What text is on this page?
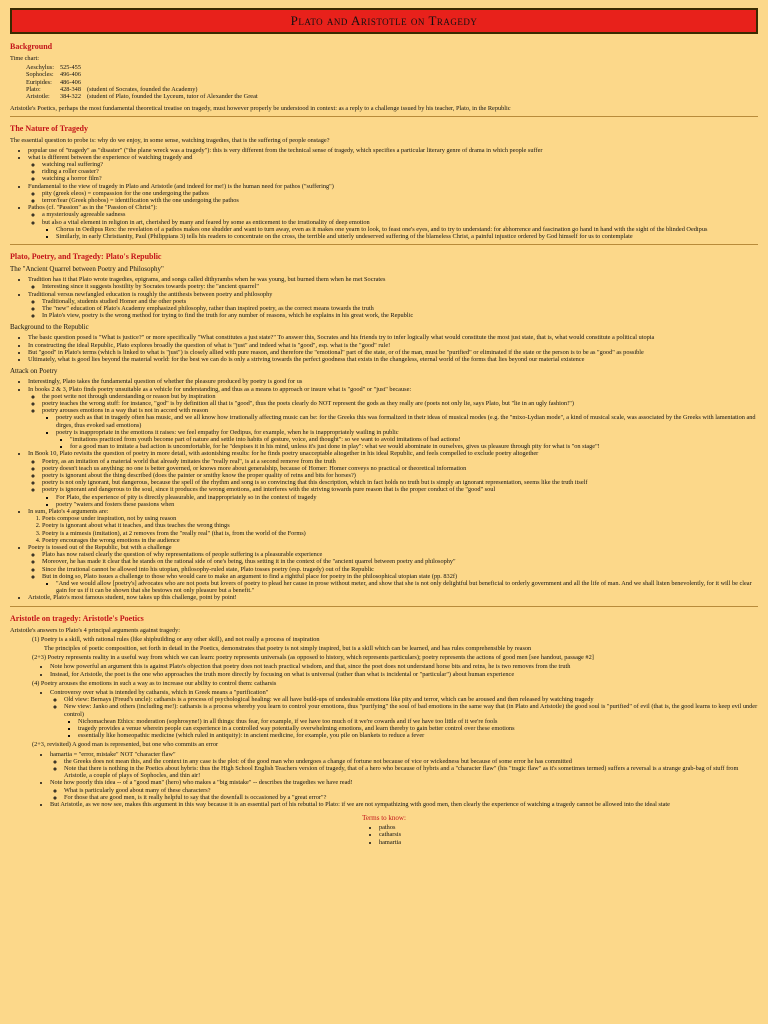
Plato and Aristotle on Tragedy
Background

Time chart:

Aeschylus:	525-455	
Sophocles:	496-406	
Euripides:	486-406	
Plato:	428-348	(student of Socrates, founded the Academy)
Aristotle:	384-322	(student of Plato, founded the Lyceum, tutor of Alexander the Great

Aristotle's Poetics, perhaps the most fundamental theoretical treatise on tragedy, must however properly be understood in context: as a reply to a challenge issued by his teacher, Plato, in the Republic

The Nature of Tragedy

The essential question to probe is: why do we enjoy, in some sense, watching tragedies, that is the suffering of people onstage?

• popular use of "tragedy" as "disaster" ("the plane wreck was a tragedy"): this is very different from the technical sense of tragedy, which specifies a particular literary genre of drama in which people suffer
• what is different between the experience of watching tragedy and
◦ watching real suffering?
◦ riding a roller coaster?
◦ watching a horror film?
• Fundamental to the view of tragedy in Plato and Aristotle (and indeed for me!) is the human need for pathos ("suffering")
◦ pity (greek eleos) = compassion for the one undergoing the pathos
◦ terror/fear (Greek phobos) = identification with the one undergoing the pathos
• Pathos (cf. "Passion" as in the "Passion of Christ"):
◦ a mysteriously agreeable sadness
◦ but also a vital element in religion in art, cherished by many and feared by some as enticement to the irrationality of deep emotion
▪ Chorus in Oedipus Rex: the revelation of a pathos makes one shudder and want to turn away, even as it makes one yearn to look, to feast one's eyes, and to try to understand: for abhorrence and fascination go hand in hand with the sight of the blinded Oedipus
▪ Similarly, in early Christianity, Paul (Philippians 3) tells his readers to concentrate on the cross, the terrible and utterly undeserved suffering of the blameless Christ, a painful injustice ordered by God himself for us to contemplate
Plato, Poetry, and Tragedy: Plato's Republic
The "Ancient Quarrel between Poetry and Philosophy"
• Tradition has it that Plato wrote tragedies, epigrams, and songs called dithyrambs when he was young, but burned them when he met Socrates
◦ Interesting since it suggests hostility by Socrates towards poetry: the "ancient quarrel"
• Traditional versus newfangled education is roughly the antithesis between poetry and philosophy
◦ Traditionally, students studied Homer and the other poets
◦ The "new" education of Plato's Academy emphasized philosophy, rather than inspired poetry, as the correct means towards the truth
◦ In Plato's view, poetry is the wrong method for trying to find the truth for any number of reasons, which he explains in his great work, the Republic
Background to the Republic
• The basic question posed is "What is justice?" or more specifically "What constitutes a just state?" To answer this, Socrates and his friends try to infer logically what would constitute the most just state, that is, what would constitute a political utopia
• In constructing the ideal Republic, Plato explores broadly the question of what is "just" and indeed what is "good", esp. what is the "good" rule!
• But "good" in Plato's terms (which is linked to what is "just") is closely allied with pure reason, and therefore the "emotional" part of the state, or of the man, must be "purified" or eliminated if the state or the person is to be as "good" as possible
• Ultimately, what is good lies beyond the material world: for the best we can do is only a striving towards the perfect goodness that exists in the changeless, eternal world of the forms that lies beyond our material existence
Attack on Poetry
• Interestingly, Plato takes the fundamental question of whether the pleasure produced by poetry is good for us
• In books 2 & 3, Plato finds poetry unsuitable as a vehicle for understanding, and thus as a means to approach or insure what is "good" or "just" because:
◦ the poet write not through understanding or reason but by inspiration
◦ poetry teaches the wrong stuff: for instance, "god" is by definition all that is "good", thus the poets clearly do NOT represent the gods as they really are (poets not only lie, says Plato, but "lie in an ugly fashion!")
◦ poetry arouses emotions in a way that is not in accord with reason
▪ poetry such as that in tragedy often has music, and we all know how irrationally affecting music can be: for the Greeks this was formalized in their ideas of musical modes (e.g. the "mixo-Lydian mode", a kind of musical scale, was associated by the Greeks with lamentation and dirges, thus evoked sad emotions)
▪ poetry is inappropriate in the emotions it raises: we feel empathy for Oedipus, for example, when he is inappropriately wailing in public
▪ "imitations practiced from youth become part of nature and settle into habits of gesture, voice, and thought": so we want to avoid imitations of bad actions!
▪ for a good man to imitate a bad action is uncomfortable, for he "despises it in his mind, unless it's just done in play": what we would abominate in ourselves, gives us pleasure through pity for what is "on stage"!
• In Book 10, Plato revisits the question of poetry in more detail, with astonishing results: for he finds poetry unacceptable altogether in his ideal Republic, and feels compelled to exclude poetry altogether
◦ Poetry, as an imitation of a material world that already imitates the "really real", is at a second remove from the truth
◦ poetry doesn't teach us anything: no one is better governed, or knows more about generalship, because of Homer: Homer conveys no practical or theoretical information
◦ poetry is ignorant about the thing described (does the painter or smithy know the proper quality of reins and bits for horses?)
◦ poetry is not only ignorant, but dangerous, because the spell of the rhythm and song is so convincing that this description, which in fact holds no truth but is simply an ignorant representation, seems like the truth itself
◦ poetry is ignorant and dangerous to the soul, since it produces the wrong emotions, and interferes with the striving towards pure reason that is the proper conduct of the "good" soul
▪ For Plato, the experience of pity is directly pleasurable, and inappropriately so in the context of tragedy
▪ poetry "waters and fosters these passions when
• In sum, Plato's 4 arguments are:
1. Poets compose under inspiration, not by using reason
2. Poetry is ignorant about what it teaches, and thus teaches the wrong things
3. Poetry is a mimesis (imitation), at 2 removes from the "really real" (that is, from the world of the Forms)
4. Poetry encourages the wrong emotions in the audience
• Poetry is tossed out of the Republic, but with a challenge
◦ Plato has now raised clearly the question of why representations of people suffering is a pleasurable experience
◦ Moreover, he has made it clear that he stands on the rational side of one's being, thus setting it in the context of the "ancient quarrel between poetry and philosophy"
◦ Since the irrational cannot be allowed into his utopian, philosophy-ruled state, Plato tosses poetry (esp. tragedy) out of the Republic
◦ But in doing so, Plato issues a challenge to those who would care to make an argument to find a rightful place for poetry in the philosophical utopian state (pp. 832f)
▪ "And we would allow [poetry's] advocates who are not poets but lovers of poetry to plead her cause in prose without meter, and show that she is not only delightful but beneficial to orderly government and all the life of man. And we shall listen benevolently, for it will be clear gain for us if it can be shown that she bestows not only pleasure but a benefit."
• Aristotle, Plato's most famous student, now takes up this challenge, point by point!
Aristotle on tragedy: Aristotle's Poetics

Aristotle's answers to Plato's 4 principal arguments against tragedy:

(1) Poetry is a skill, with rational rules (like shipbuilding or any other skill), and not really a process of inspiration

The principles of poetic composition, set forth in detail in the Poetics, demonstrates that poetry is not simply inspired, but is a skill which can be learned, and has rules comprehensible by reason

(2+3) Poetry represents reality in a useful way from which we can learn: poetry represents universals (as opposed to history, which represents particulars); poetry represents the actions of good men [see handout, passage #2]

• Note how powerful an argument this is against Plato's objection that poetry does not teach practical wisdom, and that, since the poet does not understand horse bits and reins, he is two removes from the truth
• Instead, for Aristotle, the poet is the one who approaches the truth more directly by focusing on what is universal (rather than what is incidental or "particular") about human experience

(4) Poetry arouses the emotions in such a way as to increase our ability to control them: catharsis

• Controversy over what is intended by catharsis, which in Greek means a "purification"
◦ Old view: Bernays (Freud's uncle): catharsis is a process of psychological healing: we all have build-ups of undesirable emotions like pity and terror, which can be aroused and then released by watching tragedy
◦ New view: Janko and others (including me!): catharsis is a process whereby you learn to control your emotions, thus "purifying" the soul of bad emotions in the same way that (in Plato and Aristotle) the good soul is "purified" of evil (that is, the good learns to keep evil under control)
▪ Nichomachean Ethics: moderation (sophrosyne!) in all things: thus fear, for example, if we have too much of it we're cowards and if we have too little of it we're fools
▪ tragedy provides a venue wherein people can experience in a controlled way potentially overwhelming emotions, and learn thereby to gain better control over these emotions
▪ essentially like homeopathic medicine (which ruled in antiquity): in ancient medicine, for example, you pile on blankets to reduce a fever

(2+3, revisited) A good man is represented, but one who commits an error

• hamartia = "error, mistake" NOT "character flaw"
◦ the Greeks does not mean this, and the context in any case is the plot: of the good man who undergoes a change of fortune not because of vice or wickedness but because of some error he has committed
◦ Note that there is nothing in the Poetics about hybris: thus the High School English Teachers version of tragedy, that of a hero who because of hybris and a "character flaw" (his "tragic flaw" as it's sometimes termed) suffers a reversal is a strange grab-bag of stuff from Aristotle, a couple of plays of Sophocles, and thin air!
• Note how poorly this idea -- of a "good man" (hero) who makes a "big mistake" -- describes the tragedies we have read!
◦ What is particularly good about many of these characters?
◦ For those that are good men, is it really helpful to say that the downfall is occasioned by a "great error"?
• But Aristotle, as we now see, makes this argument in this way because it is an essential part of his rebuttal to Plato: if we are not sympathizing with good men, then clearly the experience of watching a tragedy cannot be allowed into the ideal state
Terms to know:
• pathos
• catharsis
• hamartia
